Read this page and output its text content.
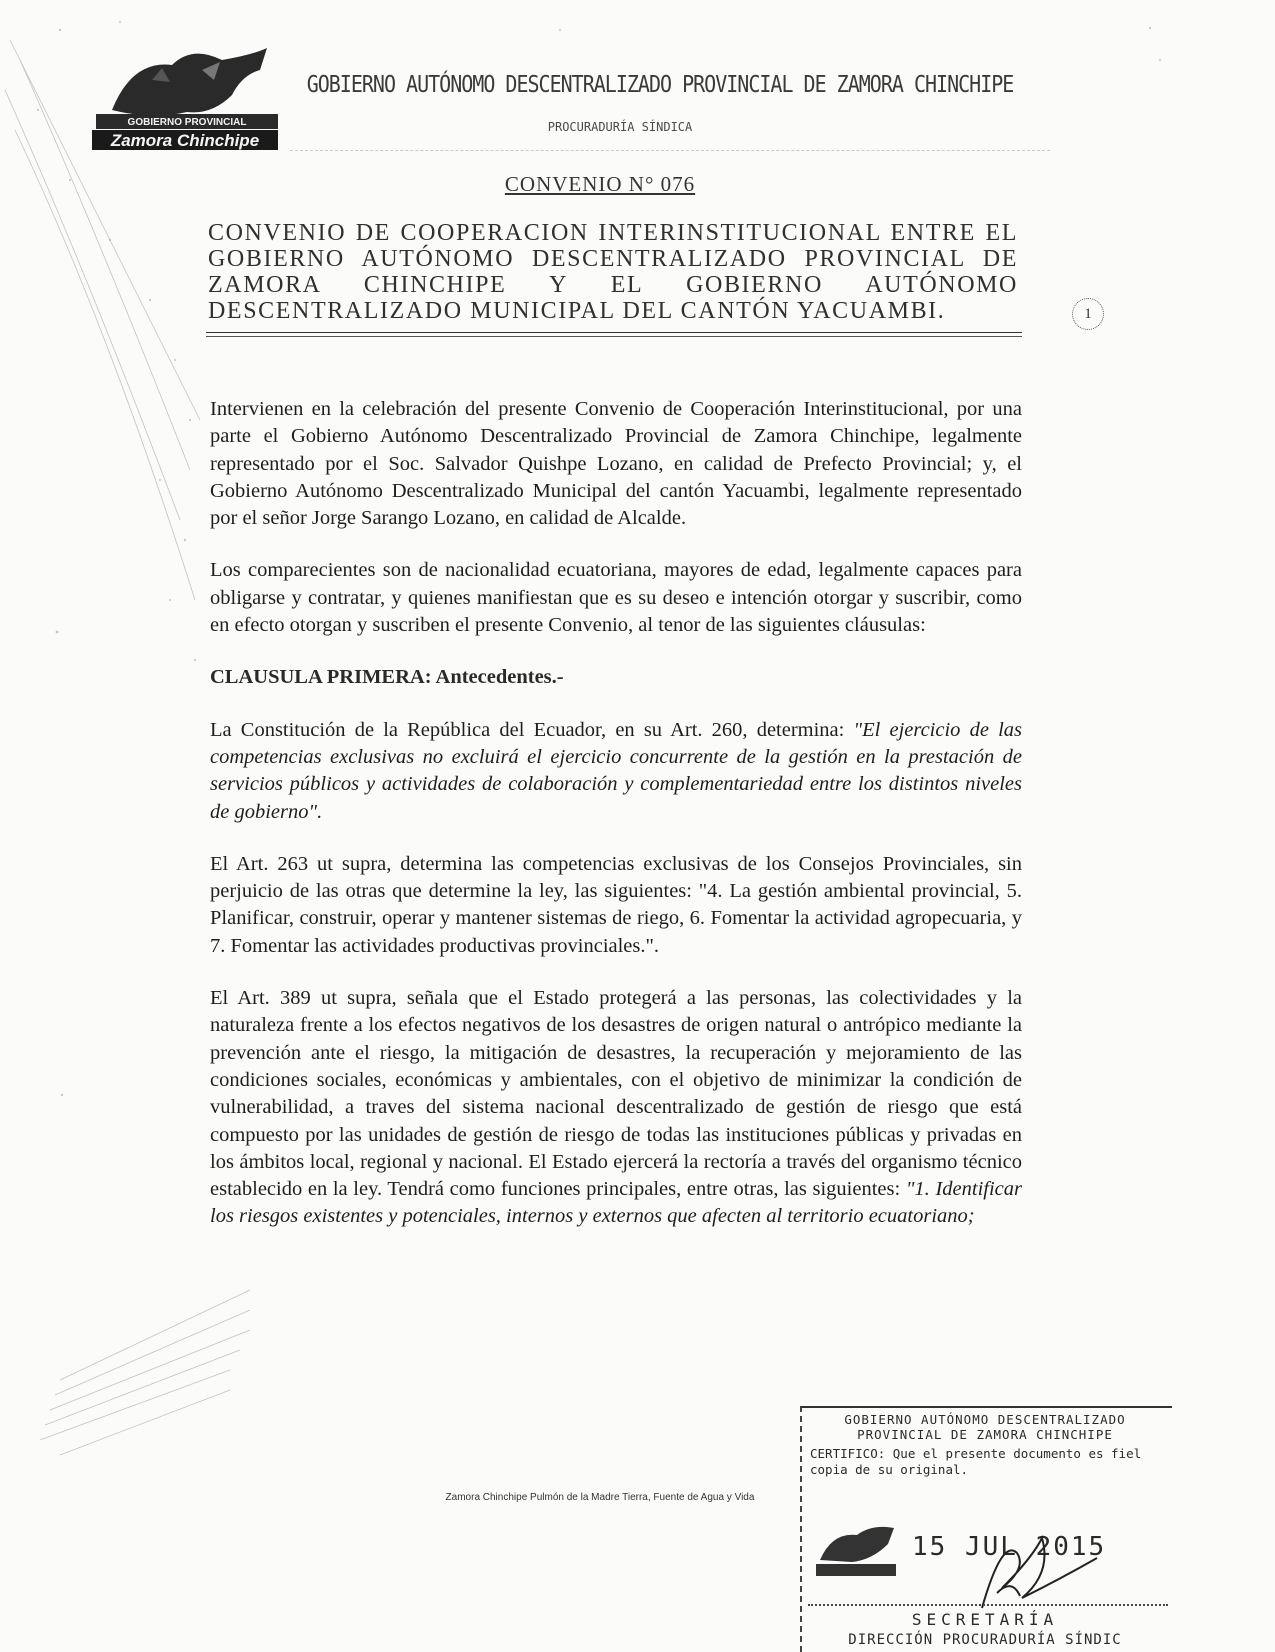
GOBIERNO PROVINCIAL
Zamora Chinchipe
GOBIERNO AUTÓNOMO DESCENTRALIZADO PROVINCIAL DE ZAMORA CHINCHIPE
PROCURADURÍA SÍNDICA
CONVENIO N° 076
CONVENIO DE COOPERACION INTERINSTITUCIONAL ENTRE EL GOBIERNO AUTÓNOMO DESCENTRALIZADO PROVINCIAL DE ZAMORA CHINCHIPE Y EL GOBIERNO AUTÓNOMO DESCENTRALIZADO MUNICIPAL DEL CANTÓN YACUAMBI.	1

Intervienen en la celebración del presente Convenio de Cooperación Interinstitucional, por una parte el Gobierno Autónomo Descentralizado Provincial de Zamora Chinchipe, legalmente representado por el Soc. Salvador Quishpe Lozano, en calidad de Prefecto Provincial; y, el Gobierno Autónomo Descentralizado Municipal del cantón Yacuambi, legalmente representado por el señor Jorge Sarango Lozano, en calidad de Alcalde.

Los comparecientes son de nacionalidad ecuatoriana, mayores de edad, legalmente capaces para obligarse y contratar, y quienes manifiestan que es su deseo e intención otorgar y suscribir, como en efecto otorgan y suscriben el presente Convenio, al tenor de las siguientes cláusulas:

CLAUSULA PRIMERA: Antecedentes.-

La Constitución de la República del Ecuador, en su Art. 260, determina: "El ejercicio de las competencias exclusivas no excluirá el ejercicio concurrente de la gestión en la prestación de servicios públicos y actividades de colaboración y complementariedad entre los distintos niveles de gobierno".

El Art. 263 ut supra, determina las competencias exclusivas de los Consejos Provinciales, sin perjuicio de las otras que determine la ley, las siguientes: "4. La gestión ambiental provincial, 5. Planificar, construir, operar y mantener sistemas de riego, 6. Fomentar la actividad agropecuaria, y 7. Fomentar las actividades productivas provinciales.".

El Art. 389 ut supra, señala que el Estado protegerá a las personas, las colectividades y la naturaleza frente a los efectos negativos de los desastres de origen natural o antrópico mediante la prevención ante el riesgo, la mitigación de desastres, la recuperación y mejoramiento de las condiciones sociales, económicas y ambientales, con el objetivo de minimizar la condición de vulnerabilidad, a traves del sistema nacional descentralizado de gestión de riesgo que está compuesto por las unidades de gestión de riesgo de todas las instituciones públicas y privadas en los ámbitos local, regional y nacional. El Estado ejercerá la rectoría a través del organismo técnico establecido en la ley. Tendrá como funciones principales, entre otras, las siguientes: "1. Identificar los riesgos existentes y potenciales, internos y externos que afecten al territorio ecuatoriano;

Zamora Chinchipe Pulmón de la Madre Tierra, Fuente de Agua y Vida
GOBIERNO AUTÓNOMO DESCENTRALIZADO
PROVINCIAL DE ZAMORA CHINCHIPE
CERTIFICO: Que el presente documento es fiel copia de su original.
15 JUL 2015
SECRETARÍA
DIRECCIÓN PROCURADURÍA SÍNDIC
